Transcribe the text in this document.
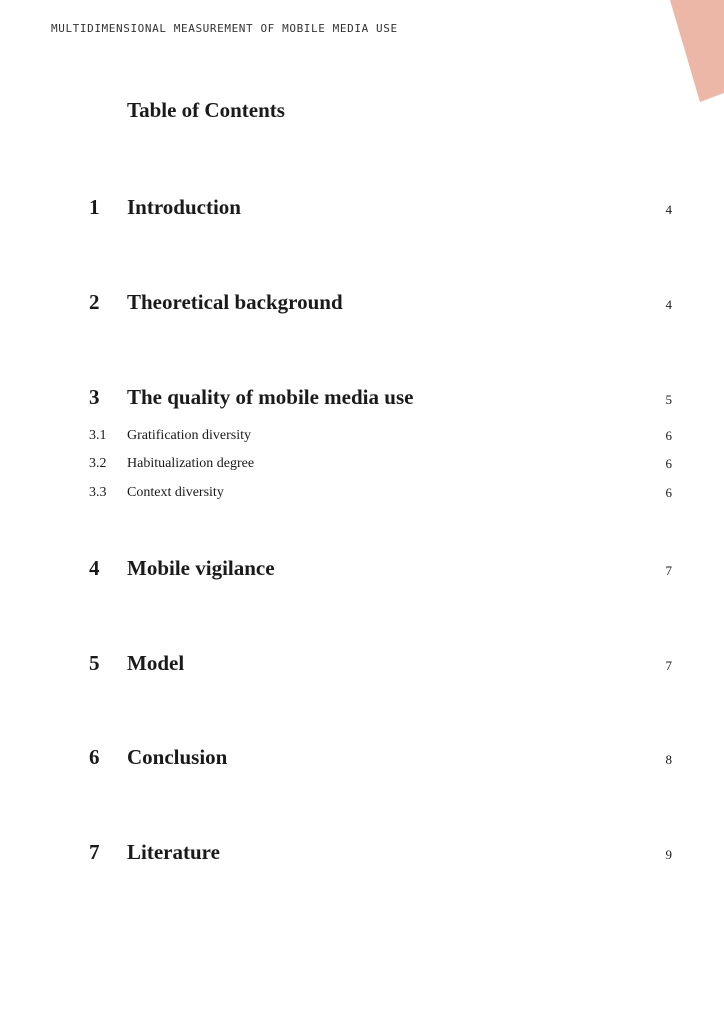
MULTIDIMENSIONAL MEASUREMENT OF MOBILE MEDIA USE
Table of Contents
1 Introduction	4
2 Theoretical background	4
3 The quality of mobile media use	5
3.1 Gratification diversity	6
3.2 Habitualization degree	6
3.3 Context diversity	6
4 Mobile vigilance	7
5 Model	7
6 Conclusion	8
7 Literature	9
